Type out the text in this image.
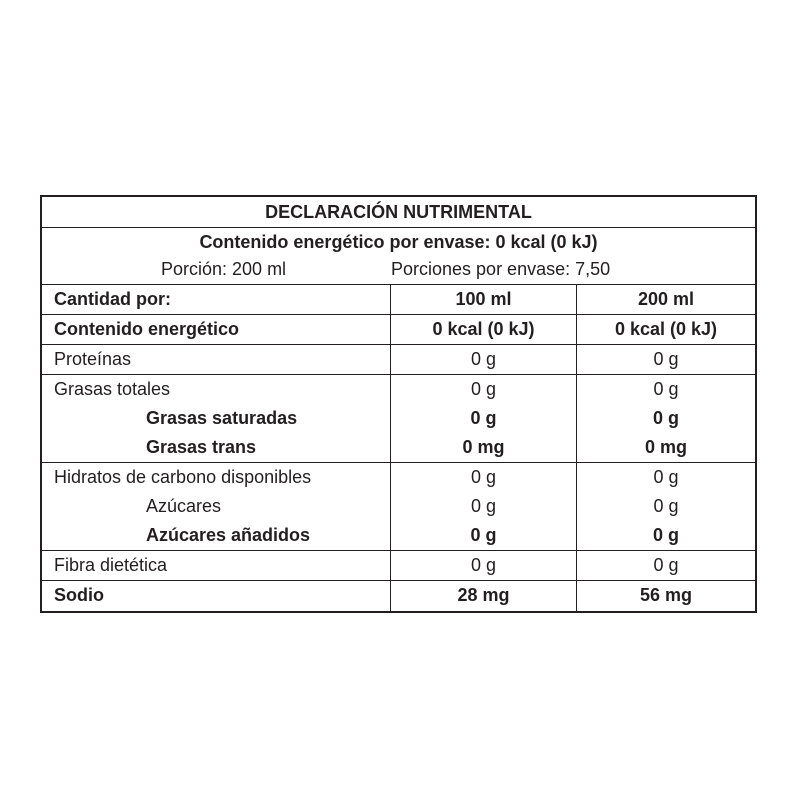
DECLARACIÓN NUTRIMENTAL
Contenido energético por envase: 0 kcal (0 kJ)
Porción: 200 ml	Porciones por envase: 7,50
Cantidad por:	100 ml	200 ml
Contenido energético	0 kcal (0 kJ)	0 kcal (0 kJ)
Proteínas	0 g	0 g
Grasas totales	0 g	0 g
Grasas saturadas	0 g	0 g
Grasas trans	0 mg	0 mg
Hidratos de carbono disponibles	0 g	0 g
Azúcares	0 g	0 g
Azúcares añadidos	0 g	0 g
Fibra dietética	0 g	0 g
Sodio	28 mg	56 mg
